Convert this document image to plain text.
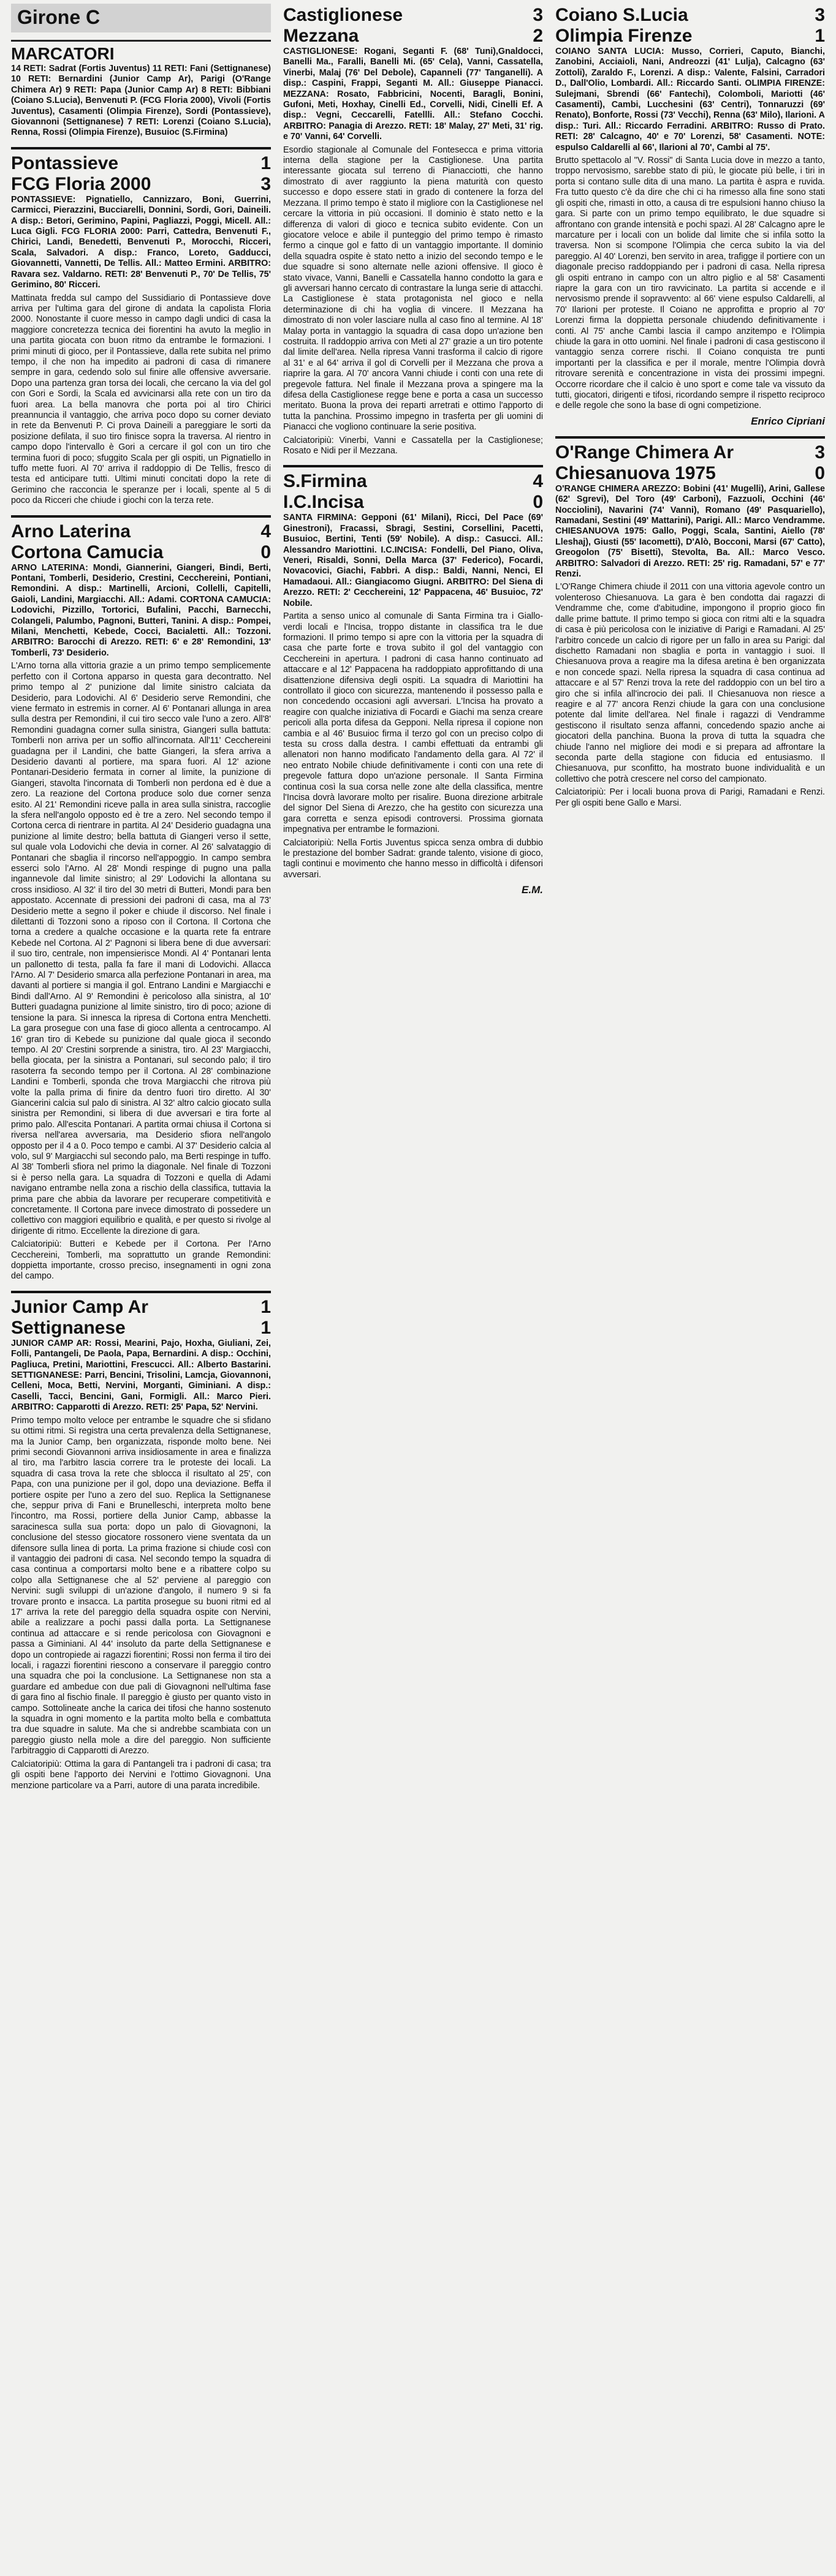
Girone C
MARCATORI

14 RETI: Sadrat (Fortis Juventus) 11 RETI: Fani (Settignanese) 10 RETI: Bernardini (Junior Camp Ar), Parigi (O'Range Chimera Ar) 9 RETI: Papa (Junior Camp Ar) 8 RETI: Bibbiani (Coiano S.Lucia), Benvenuti P. (FCG Floria 2000), Vivoli (Fortis Juventus), Casamenti (Olimpia Firenze), Sordi (Pontassieve), Giovannoni (Settignanese) 7 RETI: Lorenzi (Coiano S.Lucia), Renna, Rossi (Olimpia Firenze), Busuioc (S.Firmina)

Pontassieve	1
FCG Floria 2000	3

PONTASSIEVE: Pignatiello, Cannizzaro, Boni, Guerrini, Carmicci, Pierazzini, Bucciarelli, Donnini, Sordi, Gori, Daineili. A disp.: Betori, Gerimino, Papini, Pagliazzi, Poggi, Micell. All.: Luca Gigli. FCG FLORIA 2000: Parri, Cattedra, Benvenuti F., Chirici, Landi, Benedetti, Benvenuti P., Morocchi, Ricceri, Scala, Salvadori. A disp.: Franco, Loreto, Gadducci, Giovannetti, Vannetti, De Tellis. All.: Matteo Ermini. ARBITRO: Ravara sez. Valdarno. RETI: 28' Benvenuti P., 70' De Tellis, 75' Gerimino, 80' Ricceri.

Mattinata fredda sul campo del Sussidiario di Pontassieve dove arriva per l'ultima gara del girone di andata la capolista Floria 2000. Nonostante il cuore messo in campo dagli undici di casa la maggiore concretezza tecnica dei fiorentini ha avuto la meglio in una partita giocata con buon ritmo da entrambe le formazioni. I primi minuti di gioco, per il Pontassieve, dalla rete subita nel primo tempo, il che non ha impedito ai padroni di casa di rimanere sempre in gara, cedendo solo sul finire alle offensive avversarie. Dopo una partenza gran torsa dei locali, che cercano la via del gol con Gori e Sordi, la Scala ed avvicinarsi alla rete con un tiro da fuori area. La bella manovra che porta poi al tiro Chirici preannuncia il vantaggio, che arriva poco dopo su corner deviato in rete da Benvenuti P. Ci prova Daineili a pareggiare le sorti da posizione defilata, il suo tiro finisce sopra la traversa. Al rientro in campo dopo l'intervallo è Gori a cercare il gol con un tiro che termina fuori di poco; sfuggito Scala per gli ospiti, un Pignatiello in tuffo mette fuori. Al 70' arriva il raddoppio di De Tellis, fresco di testa ed anticipare tutti. Ultimi minuti concitati dopo la rete di Gerimino che racconcia le speranze per i locali, spente al 5 di poco da Ricceri che chiude i giochi con la terza rete.

Arno Laterina	4
Cortona Camucia	0

ARNO LATERINA: Mondi, Giannerini, Giangeri, Bindi, Berti, Pontani, Tomberli, Desiderio, Crestini, Cecchereini, Pontiani, Remondini. A disp.: Martinelli, Arcioni, Collelli, Capitelli, Gaioli, Landini, Margiacchi. All.: Adami. CORTONA CAMUCIA: Lodovichi, Pizzillo, Tortorici, Bufalini, Pacchi, Barnecchi, Colangeli, Palumbo, Pagnoni, Butteri, Tanini. A disp.: Pompei, Milani, Menchetti, Kebede, Cocci, Bacialetti. All.: Tozzoni. ARBITRO: Barocchi di Arezzo. RETI: 6' e 28' Remondini, 13' Tomberli, 73' Desiderio.

L'Arno torna alla vittoria grazie a un primo tempo semplicemente perfetto con il Cortona apparso in questa gara decontratto. Nel primo tempo al 2' punizione dal limite sinistro calciata da Desiderio, para Lodovichi. Al 6' Desiderio serve Remondini, che viene fermato in estremis in corner. Al 6' Pontanari allunga in area sulla destra per Remondini, il cui tiro secco vale l'uno a zero. All'8' Remondini guadagna corner sulla sinistra, Giangeri sulla battuta: Tomberli non arriva per un soffio all'incornata. All'11' Cecchereini guadagna per il Landini, che batte Giangeri, la sfera arriva a Desiderio davanti al portiere, ma spara fuori. Al 12' azione Pontanari-Desiderio fermata in corner al limite, la punizione di Giangeri, stavolta l'incornata di Tomberli non perdona ed è due a zero. La reazione del Cortona produce solo due corner senza esito. Al 21' Remondini riceve palla in area sulla sinistra, raccoglie la sfera nell'angolo opposto ed è tre a zero. Nel secondo tempo il Cortona cerca di rientrare in partita. Al 24' Desiderio guadagna una punizione al limite destro; bella battuta di Giangeri verso il sette, sul quale vola Lodovichi che devia in corner. Al 26' salvataggio di Pontanari che sbaglia il rincorso nell'appoggio. In campo sembra esserci solo l'Arno. Al 28' Mondi respinge di pugno una palla ingannevole dal limite sinistro; al 29' Lodovichi la allontana su cross insidioso. Al 32' il tiro del 30 metri di Butteri, Mondi para ben appostato. Accennate di pressioni dei padroni di casa, ma al 73' Desiderio mette a segno il poker e chiude il discorso. Nel finale i dilettanti di Tozzoni sono a riposo con il Cortona. Il Cortona che torna a credere a qualche occasione e la quarta rete fa entrare Kebede nel Cortona. Al 2' Pagnoni si libera bene di due avversari: il suo tiro, centrale, non impensierisce Mondi. Al 4' Pontanari lenta un pallonetto di testa, palla fa fare il mani di Lodovichi. Allacca l'Arno. Al 7' Desiderio smarca alla perfezione Pontanari in area, ma davanti al portiere si mangia il gol. Entrano Landini e Margiacchi e Bindi dall'Arno. Al 9' Remondini è pericoloso alla sinistra, al 10' Butteri guadagna punizione al limite sinistro, tiro di poco; azione di tensione la para. Si innesca la ripresa di Cortona entra Menchetti. La gara prosegue con una fase di gioco allenta a centrocampo. Al 16' gran tiro di Kebede su punizione dal quale gioca il secondo tempo. Al 20' Crestini sorprende a sinistra, tiro. Al 23' Margiacchi, bella giocata, per la sinistra a Pontanari, sul secondo palo; il tiro rasoterra fa secondo tempo per il Cortona. Al 28' combinazione Landini e Tomberli, sponda che trova Margiacchi che ritrova più volte la palla prima di finire da dentro fuori tiro diretto. Al 30' Giancerini calcia sul palo di sinistra. Al 32' altro calcio giocato sulla sinistra per Remondini, si libera di due avversari e tira forte al primo palo. All'escita Pontanari. A partita ormai chiusa il Cortona si riversa nell'area avversaria, ma Desiderio sfiora nell'angolo opposto per il 4 a 0. Poco tempo e cambi. Al 37' Desiderio calcia al volo, sul 9' Margiacchi sul secondo palo, ma Berti respinge in tuffo. Al 38' Tomberli sfiora nel primo la diagonale. Nel finale di Tozzoni si è perso nella gara. La squadra di Tozzoni e quella di Adami navigano entrambe nella zona a rischio della classifica, tuttavia la prima pare che abbia da lavorare per recuperare competitività e concretamente. Il Cortona pare invece dimostrato di possedere un collettivo con maggiori equilibrio e qualità, e per questo si rivolge al dirigente di ritmo. Eccellente la direzione di gara.

Calciatoripiù: Butteri e Kebede per il Cortona. Per l'Arno Cecchereini, Tomberli, ma soprattutto un grande Remondini: doppietta importante, crosso preciso, insegnamenti in ogni zona del campo.

Junior Camp Ar	1
Settignanese	1

JUNIOR CAMP AR: Rossi, Mearini, Pajo, Hoxha, Giuliani, Zei, Folli, Pantangeli, De Paola, Papa, Bernardini. A disp.: Occhini, Pagliuca, Pretini, Mariottini, Frescucci. All.: Alberto Bastarini. SETTIGNANESE: Parri, Bencini, Trisolini, Lamcja, Giovannoni, Celleni, Moca, Betti, Nervini, Morganti, Giminiani. A disp.: Caselli, Tacci, Bencini, Gani, Formigli. All.: Marco Pieri. ARBITRO: Capparotti di Arezzo. RETI: 25' Papa, 52' Nervini.

Primo tempo molto veloce per entrambe le squadre che si sfidano su ottimi ritmi. Si registra una certa prevalenza della Settignanese, ma la Junior Camp, ben organizzata, risponde molto bene. Nei primi secondi Giovannoni arriva insidiosamente in area e finalizza al tiro, ma l'arbitro lascia correre tra le proteste dei locali. La squadra di casa trova la rete che sblocca il risultato al 25', con Papa, con una punizione per il gol, dopo una deviazione. Beffa il portiere ospite per l'uno a zero del suo. Replica la Settignanese che, seppur priva di Fani e Brunelleschi, interpreta molto bene l'incontro, ma Rossi, portiere della Junior Camp, abbasse la saracinesca sulla sua porta: dopo un palo di Giovagnoni, la conclusione del stesso giocatore rossonero viene sventata da un difensore sulla linea di porta. La prima frazione si chiude così con il vantaggio dei padroni di casa. Nel secondo tempo la squadra di casa continua a comportarsi molto bene e a ribattere colpo su colpo alla Settignanese che al 52' perviene al pareggio con Nervini: sugli sviluppi di un'azione d'angolo, il numero 9 si fa trovare pronto e insacca. La partita prosegue su buoni ritmi ed al 17' arriva la rete del pareggio della squadra ospite con Nervini, abile a realizzare a pochi passi dalla porta. La Settignanese continua ad attaccare e si rende pericolosa con Giovagnoni e passa a Giminiani. Al 44' insoluto da parte della Settignanese e dopo un contropiede ai ragazzi fiorentini; Rossi non ferma il tiro dei locali, i ragazzi fiorentini riescono a conservare il pareggio contro una squadra che poi la conclusione. La Settignanese non sta a guardare ed ambedue con due pali di Giovagnoni nell'ultima fase di gara fino al fischio finale. Il pareggio è giusto per quanto visto in campo. Sottolineate anche la carica dei tifosi che hanno sostenuto la squadra in ogni momento e la partita molto bella e combattuta tra due squadre in salute. Ma che si andrebbe scambiata con un pareggio giusto nella mole a dire del pareggio. Non sufficiente l'arbitraggio di Capparotti di Arezzo.

Calciatoripiù: Ottima la gara di Pantangeli tra i padroni di casa; tra gli ospiti bene l'apporto dei Nervini e l'ottimo Giovagnoni. Una menzione particolare va a Parri, autore di una parata incredibile.

Castiglionese	3
Mezzana	2

CASTIGLIONESE: Rogani, Seganti F. (68' Tuni),Gnaldocci, Banelli Ma., Faralli, Banelli Mi. (65' Cela), Vanni, Cassatella, Vinerbi, Malaj (76' Del Debole), Capanneli (77' Tanganelli). A disp.: Caspini, Frappi, Seganti M. All.: Giuseppe Pianacci. MEZZANA: Rosato, Fabbricini, Nocenti, Baragli, Bonini, Gufoni, Meti, Hoxhay, Cinelli Ed., Corvelli, Nidi, Cinelli Ef. A disp.: Vegni, Ceccarelli, Fatellli. All.: Stefano Cocchi. ARBITRO: Panagia di Arezzo. RETI: 18' Malay, 27' Meti, 31' rig. e 70' Vanni, 64' Corvelli.

Esordio stagionale al Comunale del Fontesecca e prima vittoria interna della stagione per la Castiglionese. Una partita interessante giocata sul terreno di Pianacciotti, che hanno dimostrato di aver raggiunto la piena maturità con questo successo e dopo essere stati in grado di contenere la forza del Mezzana. Il primo tempo è stato il migliore con la Castiglionese nel cercare la vittoria in più occasioni. Il dominio è stato netto e la differenza di valori di gioco e tecnica subito evidente. Con un giocatore veloce e abile il punteggio del primo tempo è rimasto fermo a cinque gol e fatto di un vantaggio importante. Il dominio della squadra ospite è stato netto a inizio del secondo tempo e le due squadre si sono alternate nelle azioni offensive. Il gioco è stato vivace, Vanni, Banelli e Cassatella hanno condotto la gara e gli avversari hanno cercato di contrastare la lunga serie di attacchi. La Castiglionese è stata protagonista nel gioco e nella determinazione di chi ha voglia di vincere. Il Mezzana ha dimostrato di non voler lasciare nulla al caso fino al termine. Al 18' Malay porta in vantaggio la squadra di casa dopo un'azione ben costruita. Il raddoppio arriva con Meti al 27' grazie a un tiro potente dal limite dell'area. Nella ripresa Vanni trasforma il calcio di rigore al 31' e al 64' arriva il gol di Corvelli per il Mezzana che prova a riaprire la gara. Al 70' ancora Vanni chiude i conti con una rete di pregevole fattura. Nel finale il Mezzana prova a spingere ma la difesa della Castiglionese regge bene e porta a casa un successo meritato. Buona la prova dei reparti arretrati e ottimo l'apporto di tutta la panchina. Prossimo impegno in trasferta per gli uomini di Pianacci che vogliono continuare la serie positiva.

Calciatoripiù: Vinerbi, Vanni e Cassatella per la Castiglionese; Rosato e Nidi per il Mezzana.

S.Firmina	4
I.C.Incisa	0

SANTA FIRMINA: Gepponi (61' Milani), Ricci, Del Pace (69' Ginestroni), Fracassi, Sbragi, Sestini, Corsellini, Pacetti, Busuioc, Bertini, Tenti (59' Nobile). A disp.: Casucci. All.: Alessandro Mariottini. I.C.INCISA: Fondelli, Del Piano, Oliva, Veneri, Risaldi, Sonni, Della Marca (37' Federico), Focardi, Novacovici, Giachi, Fabbri. A disp.: Baldi, Nanni, Nenci, El Hamadaoui. All.: Giangiacomo Giugni. ARBITRO: Del Siena di Arezzo. RETI: 2' Cecchereini, 12' Pappacena, 46' Busuioc, 72' Nobile.

Partita a senso unico al comunale di Santa Firmina tra i Giallo-verdi locali e l'Incisa, troppo distante in classifica tra le due formazioni. Il primo tempo si apre con la vittoria per la squadra di casa che parte forte e trova subito il gol del vantaggio con Cecchereini in apertura. I padroni di casa hanno continuato ad attaccare e al 12' Pappacena ha raddoppiato approfittando di una disattenzione difensiva degli ospiti. La squadra di Mariottini ha controllato il gioco con sicurezza, mantenendo il possesso palla e non concedendo occasioni agli avversari. L'Incisa ha provato a reagire con qualche iniziativa di Focardi e Giachi ma senza creare pericoli alla porta difesa da Gepponi. Nella ripresa il copione non cambia e al 46' Busuioc firma il terzo gol con un preciso colpo di testa su cross dalla destra. I cambi effettuati da entrambi gli allenatori non hanno modificato l'andamento della gara. Al 72' il neo entrato Nobile chiude definitivamente i conti con una rete di pregevole fattura dopo un'azione personale. Il Santa Firmina continua così la sua corsa nelle zone alte della classifica, mentre l'Incisa dovrà lavorare molto per risalire. Buona direzione arbitrale del signor Del Siena di Arezzo, che ha gestito con sicurezza una gara corretta e senza episodi controversi. Prossima giornata impegnativa per entrambe le formazioni.

Calciatoripiù: Nella Fortis Juventus spicca senza ombra di dubbio le prestazione del bomber Sadrat: grande talento, visione di gioco, tagli continui e movimento che hanno messo in difficoltà i difensori avversari.

E.M.
Coiano S.Lucia	3
Olimpia Firenze	1

COIANO SANTA LUCIA: Musso, Corrieri, Caputo, Bianchi, Zanobini, Acciaioli, Nani, Andreozzi (41' Lulja), Calcagno (63' Zottoli), Zaraldo F., Lorenzi. A disp.: Valente, Falsini, Carradori D., Dall'Olio, Lombardi. All.: Riccardo Santi. OLIMPIA FIRENZE: Sulejmani, Sbrendi (66' Fantechi), Colomboli, Mariotti (46' Casamenti), Cambi, Lucchesini (63' Centri), Tonnaruzzi (69' Renato), Bonforte, Rossi (73' Vecchi), Renna (63' Milo), Ilarioni. A disp.: Turi. All.: Riccardo Ferradini. ARBITRO: Russo di Prato. RETI: 28' Calcagno, 40' e 70' Lorenzi, 58' Casamenti. NOTE: espulso Caldarelli al 66', Ilarioni al 70', Cambi al 75'.

Brutto spettacolo al "V. Rossi" di Santa Lucia dove in mezzo a tanto, troppo nervosismo, sarebbe stato di più, le giocate più belle, i tiri in porta si contano sulle dita di una mano. La partita è aspra e ruvida. Fra tutto questo c'è da dire che chi ci ha rimesso alla fine sono stati gli ospiti che, rimasti in otto, a causa di tre espulsioni hanno chiuso la gara. Si parte con un primo tempo equilibrato, le due squadre si affrontano con grande intensità e pochi spazi. Al 28' Calcagno apre le marcature per i locali con un bolide dal limite che si infila sotto la traversa. Non si scompone l'Olimpia che cerca subito la via del pareggio. Al 40' Lorenzi, ben servito in area, trafigge il portiere con un diagonale preciso raddoppiando per i padroni di casa. Nella ripresa gli ospiti entrano in campo con un altro piglio e al 58' Casamenti riapre la gara con un tiro ravvicinato. La partita si accende e il nervosismo prende il sopravvento: al 66' viene espulso Caldarelli, al 70' Ilarioni per proteste. Il Coiano ne approfitta e proprio al 70' Lorenzi firma la doppietta personale chiudendo definitivamente i conti. Al 75' anche Cambi lascia il campo anzitempo e l'Olimpia chiude la gara in otto uomini. Nel finale i padroni di casa gestiscono il vantaggio senza correre rischi. Il Coiano conquista tre punti importanti per la classifica e per il morale, mentre l'Olimpia dovrà ritrovare serenità e concentrazione in vista dei prossimi impegni. Occorre ricordare che il calcio è uno sport e come tale va vissuto da tutti, giocatori, dirigenti e tifosi, ricordando sempre il rispetto reciproco e delle regole che sono la base di ogni competizione.

Enrico Cipriani
O'Range Chimera Ar	3
Chiesanuova 1975	0

O'RANGE CHIMERA AREZZO: Bobini (41' Mugelli), Arini, Gallese (62' Sgrevi), Del Toro (49' Carboni), Fazzuoli, Occhini (46' Nocciolini), Navarini (74' Vanni), Romano (49' Pasquariello), Ramadani, Sestini (49' Mattarini), Parigi. All.: Marco Vendramme. CHIESANUOVA 1975: Gallo, Poggi, Scala, Santini, Aiello (78' Lleshaj), Giusti (55' Iacometti), D'Alò, Bocconi, Marsi (67' Catto), Greogolon (75' Bisetti), Stevolta, Ba. All.: Marco Vesco. ARBITRO: Salvadori di Arezzo. RETI: 25' rig. Ramadani, 57' e 77' Renzi.

L'O'Range Chimera chiude il 2011 con una vittoria agevole contro un volenteroso Chiesanuova. La gara è ben condotta dai ragazzi di Vendramme che, come d'abitudine, impongono il proprio gioco fin dalle prime battute. Il primo tempo si gioca con ritmi alti e la squadra di casa è più pericolosa con le iniziative di Parigi e Ramadani. Al 25' l'arbitro concede un calcio di rigore per un fallo in area su Parigi: dal dischetto Ramadani non sbaglia e porta in vantaggio i suoi. Il Chiesanuova prova a reagire ma la difesa aretina è ben organizzata e non concede spazi. Nella ripresa la squadra di casa continua ad attaccare e al 57' Renzi trova la rete del raddoppio con un bel tiro a giro che si infila all'incrocio dei pali. Il Chiesanuova non riesce a reagire e al 77' ancora Renzi chiude la gara con una conclusione potente dal limite dell'area. Nel finale i ragazzi di Vendramme gestiscono il risultato senza affanni, concedendo spazio anche ai giocatori della panchina. Buona la prova di tutta la squadra che chiude l'anno nel migliore dei modi e si prepara ad affrontare la seconda parte della stagione con fiducia ed entusiasmo. Il Chiesanuova, pur sconfitto, ha mostrato buone individualità e un collettivo che potrà crescere nel corso del campionato.

Calciatoripiù: Per i locali buona prova di Parigi, Ramadani e Renzi. Per gli ospiti bene Gallo e Marsi.
